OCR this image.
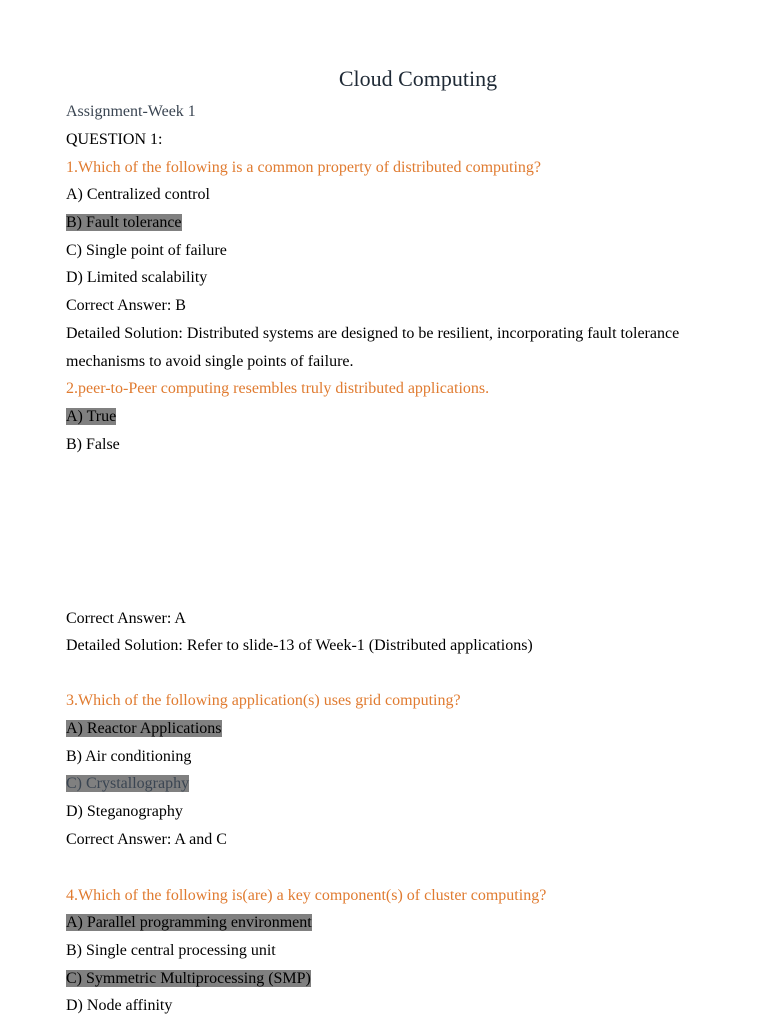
Cloud Computing
Assignment-Week 1
QUESTION 1:
1.Which of the following is a common property of distributed computing?
A) Centralized control
B) Fault tolerance
C) Single point of failure
D) Limited scalability
Correct Answer: B
Detailed Solution: Distributed systems are designed to be resilient, incorporating fault tolerance mechanisms to avoid single points of failure.
2.peer-to-Peer computing resembles truly distributed applications.
A) True
B) False
Correct Answer: A
Detailed Solution: Refer to slide-13 of Week-1 (Distributed applications)
3.Which of the following application(s) uses grid computing?
A) Reactor Applications
B) Air conditioning
C) Crystallography
D) Steganography
Correct Answer: A and C
4.Which of the following is(are) a key component(s) of cluster computing?
A) Parallel programming environment
B) Single central processing unit
C) Symmetric Multiprocessing (SMP)
D) Node affinity
